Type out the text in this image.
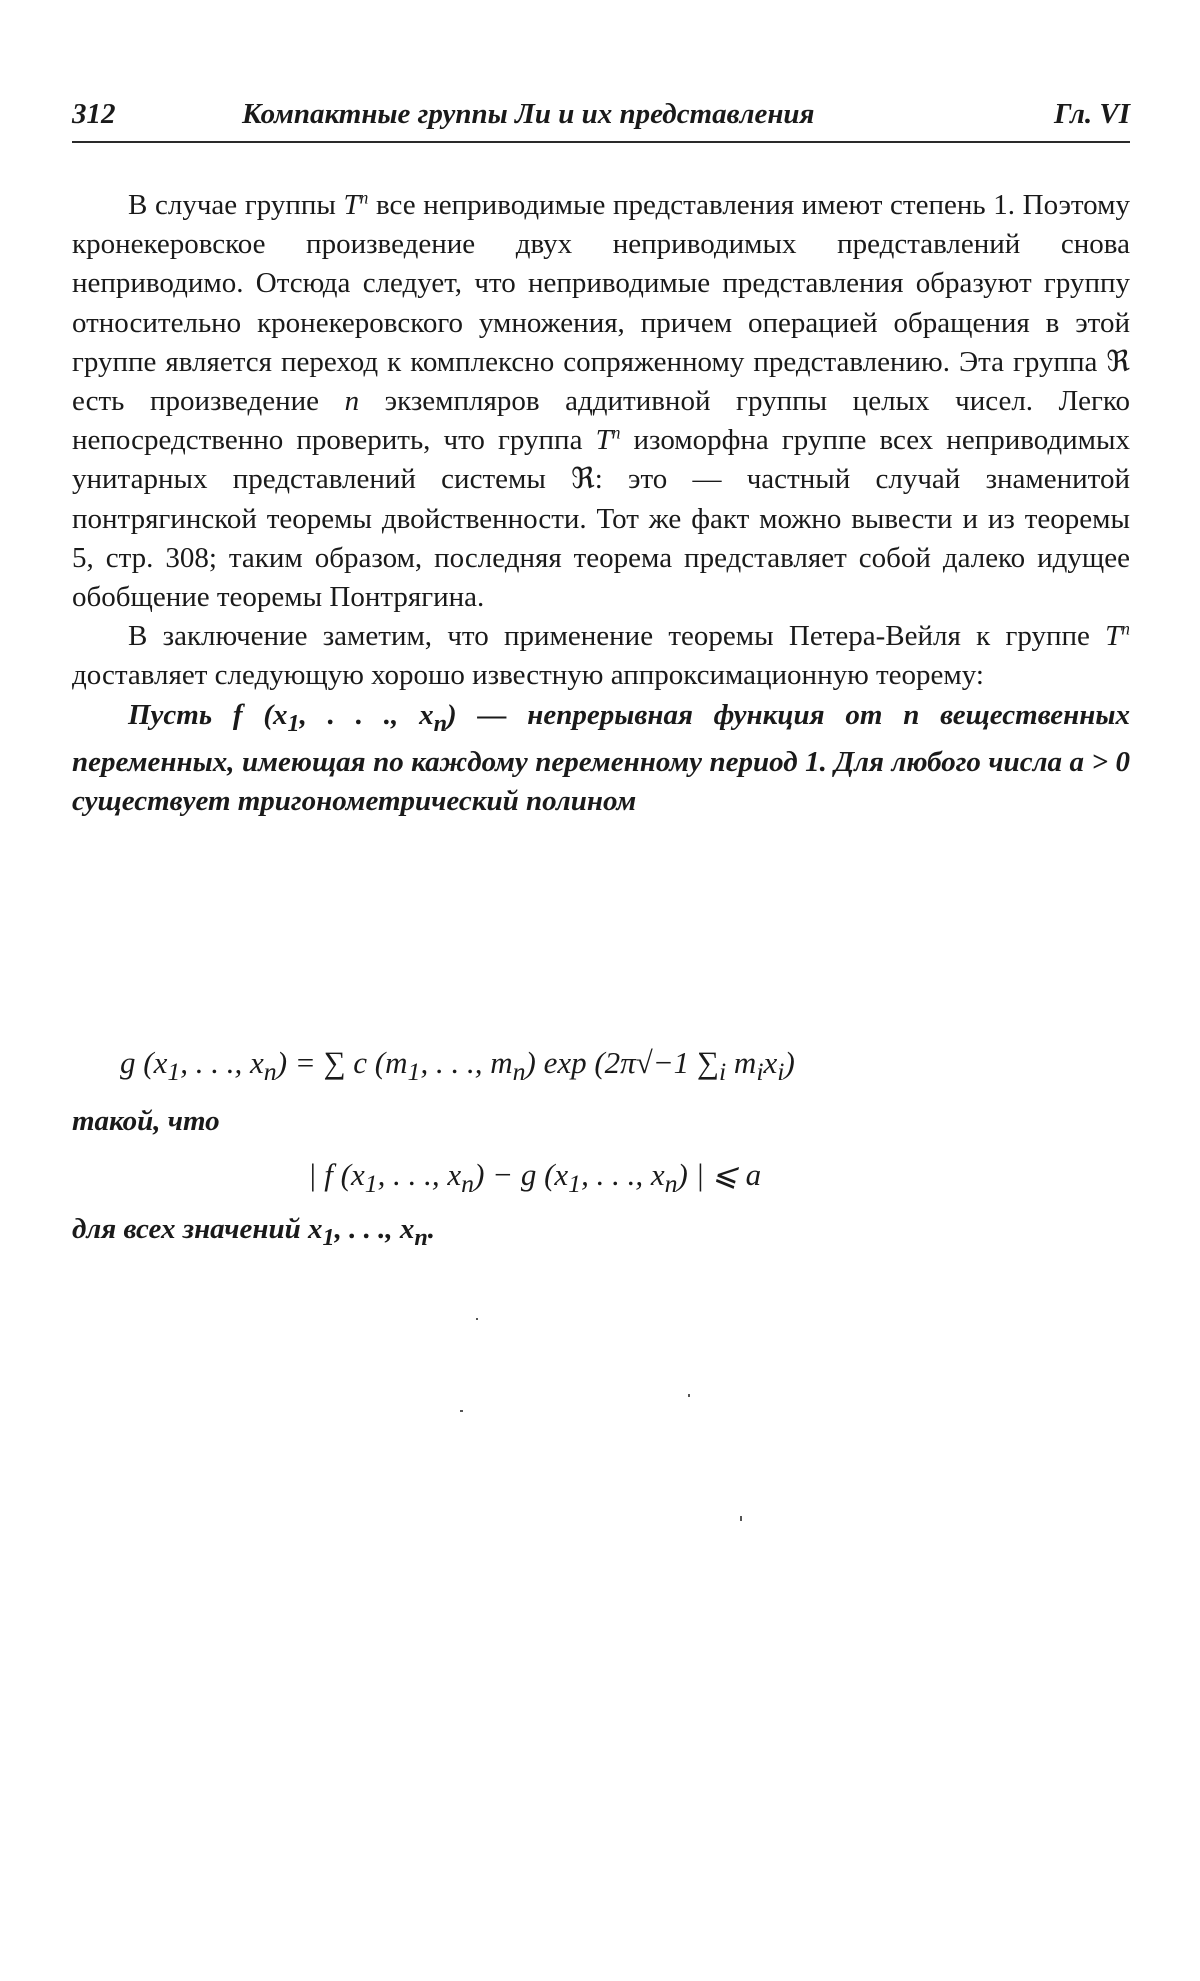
312	Компактные группы Ли и их представления	Гл. VI

В случае группы $T^n$ все неприводимые представления имеют степень 1. Поэтому кронекеровское произведение двух неприводимых представлений снова неприводимо. Отсюда следует, что неприводимые представления образуют группу относительно кронекеровского умножения, причем операцией обращения в этой группе является переход к комплексно сопряженному представлению. Эта группа ℜ есть произведение n экземпляров аддитивной группы целых чисел. Легко непосредственно проверить, что группа $T^n$ изоморфна группе всех неприводимых унитарных представлений системы ℜ: это — частный случай знаменитой понтрягинской теоремы двойственности. Тот же факт можно вывести и из теоремы 5, стр. 308; таким образом, последняя теорема представляет собой далеко идущее обобщение теоремы Понтрягина.

В заключение заметим, что применение теоремы Петера-Вейля к группе $T^n$ доставляет следующую хорошо известную аппроксимационную теорему:

Пусть f ($x_1$, . . ., $x_n$) — непрерывная функция от n вещественных переменных, имеющая по каждому переменному период 1. Для любого числа a > 0 существует тригонометрический полином

g ($x_1$, . . ., $x_n$) = ∑ c ($m_1$, . . ., $m_n$) exp (2π√−1 $\sum_i$ $m_ix_i$)
такой, что
| f ($x_1$, . . ., $x_n) - g$ ($x_1$, . . ., $x_n$) | ⩽ a
для всех значений $x_1$, . . ., $x_n$.
